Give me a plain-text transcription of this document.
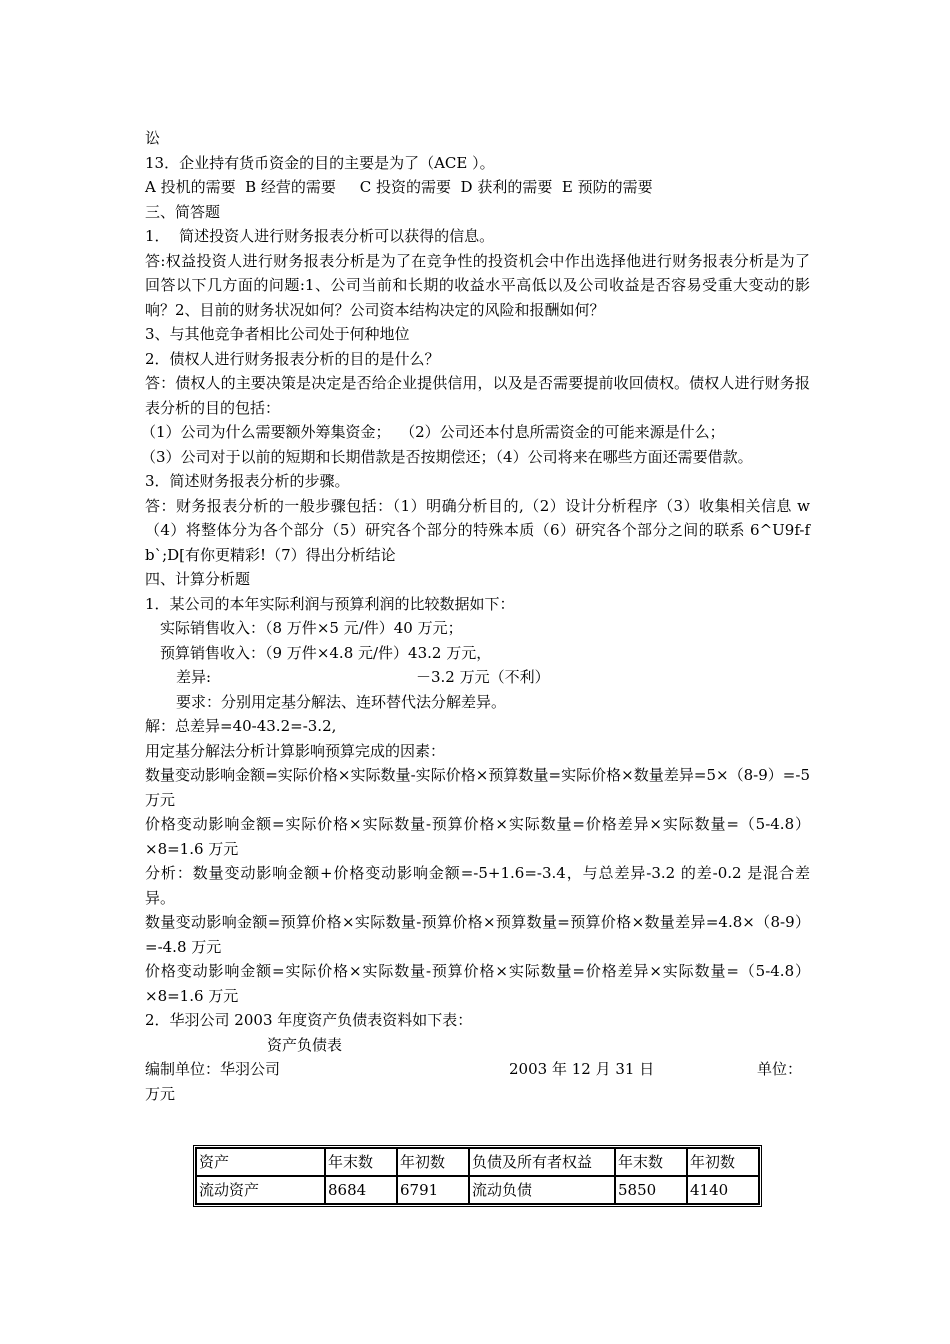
讼

13．企业持有货币资金的目的主要是为了（ACE ）。

A 投机的需要  B 经营的需要     C 投资的需要  D 获利的需要  E 预防的需要

三、简答题

1．  简述投资人进行财务报表分析可以获得的信息。

答:权益投资人进行财务报表分析是为了在竞争性的投资机会中作出选择他进行财务报表分析是为了回答以下几方面的问题:1、公司当前和长期的收益水平高低以及公司收益是否容易受重大变动的影响？2、目前的财务状况如何？公司资本结构决定的风险和报酬如何？

3、与其他竞争者相比公司处于何种地位

2．债权人进行财务报表分析的目的是什么？

答：债权人的主要决策是决定是否给企业提供信用，以及是否需要提前收回债权。债权人进行财务报表分析的目的包括：

（1）公司为什么需要额外筹集资金；  （2）公司还本付息所需资金的可能来源是什么；

（3）公司对于以前的短期和长期借款是否按期偿还；（4）公司将来在哪些方面还需要借款。

3．简述财务报表分析的步骤。

答：财务报表分析的一般步骤包括：（1）明确分析目的,（2）设计分析程序（3）收集相关信息 w（4）将整体分为各个部分（5）研究各个部分的特殊本质（6）研究各个部分之间的联系 6^U9f-f b`;D[有你更精彩!（7）得出分析结论

四、计算分析题

1．某公司的本年实际利润与预算利润的比较数据如下：

实际销售收入：（8 万件×5 元/件）40 万元；

预算销售收入：（9 万件×4.8 元/件）43.2 万元，

差异:	－3.2 万元（不利）

要求：分别用定基分解法、连环替代法分解差异。

解：总差异=40-43.2=-3.2,

用定基分解法分析计算影响预算完成的因素：

数量变动影响金额=实际价格×实际数量-实际价格×预算数量=实际价格×数量差异=5×（8-9）=-5 万元

价格变动影响金额=实际价格×实际数量-预算价格×实际数量=价格差异×实际数量=（5-4.8）×8=1.6 万元

分析：数量变动影响金额+价格变动影响金额=-5+1.6=-3.4，与总差异-3.2 的差-0.2 是混合差异。

数量变动影响金额=预算价格×实际数量-预算价格×预算数量=预算价格×数量差异=4.8×（8-9）=-4.8 万元

价格变动影响金额=实际价格×实际数量-预算价格×实际数量=价格差异×实际数量=（5-4.8）×8=1.6 万元

2．华羽公司 2003 年度资产负债表资料如下表：

资产负债表

编制单位：华羽公司	2003 年 12 月 31 日	单位：

万元

资产	年末数	年初数	负债及所有者权益	年末数	年初数
流动资产	8684	6791	流动负债	5850	4140
